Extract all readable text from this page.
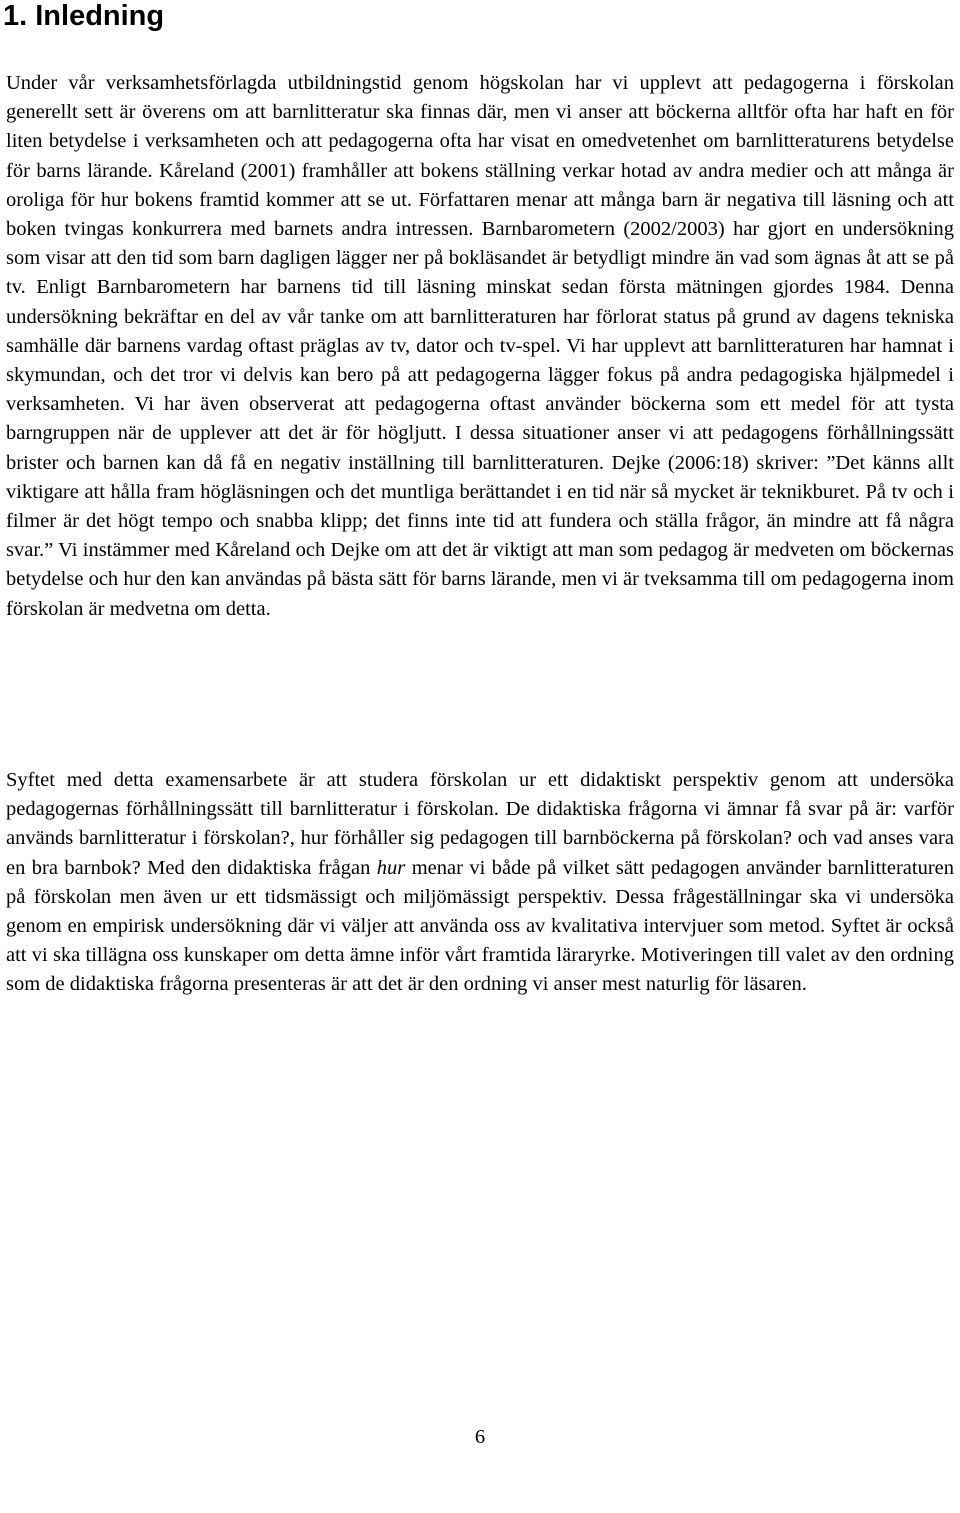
1. Inledning

Under vår verksamhetsförlagda utbildningstid genom högskolan har vi upplevt att pedagogerna i förskolan generellt sett är överens om att barnlitteratur ska finnas där, men vi anser att böckerna alltför ofta har haft en för liten betydelse i verksamheten och att pedagogerna ofta har visat en omedvetenhet om barnlitteraturens betydelse för barns lärande. Kåreland (2001) framhåller att bokens ställning verkar hotad av andra medier och att många är oroliga för hur bokens framtid kommer att se ut. Författaren menar att många barn är negativa till läsning och att boken tvingas konkurrera med barnets andra intressen. Barnbarometern (2002/2003) har gjort en undersökning som visar att den tid som barn dagligen lägger ner på bokläsandet är betydligt mindre än vad som ägnas åt att se på tv. Enligt Barnbarometern har barnens tid till läsning minskat sedan första mätningen gjordes 1984. Denna undersökning bekräftar en del av vår tanke om att barnlitteraturen har förlorat status på grund av dagens tekniska samhälle där barnens vardag oftast präglas av tv, dator och tv-spel. Vi har upplevt att barnlitteraturen har hamnat i skymundan, och det tror vi delvis kan bero på att pedagogerna lägger fokus på andra pedagogiska hjälpmedel i verksamheten. Vi har även observerat att pedagogerna oftast använder böckerna som ett medel för att tysta barngruppen när de upplever att det är för högljutt. I dessa situationer anser vi att pedagogens förhållningssätt brister och barnen kan då få en negativ inställning till barnlitteraturen. Dejke (2006:18) skriver: ”Det känns allt viktigare att hålla fram högläsningen och det muntliga berättandet i en tid när så mycket är teknikburet. På tv och i filmer är det högt tempo och snabba klipp; det finns inte tid att fundera och ställa frågor, än mindre att få några svar.” Vi instämmer med Kåreland och Dejke om att det är viktigt att man som pedagog är medveten om böckernas betydelse och hur den kan användas på bästa sätt för barns lärande, men vi är tveksamma till om pedagogerna inom förskolan är medvetna om detta.

Syftet med detta examensarbete är att studera förskolan ur ett didaktiskt perspektiv genom att undersöka pedagogernas förhållningssätt till barnlitteratur i förskolan. De didaktiska frågorna vi ämnar få svar på är: varför används barnlitteratur i förskolan?, hur förhåller sig pedagogen till barnböckerna på förskolan? och vad anses vara en bra barnbok? Med den didaktiska frågan hur menar vi både på vilket sätt pedagogen använder barnlitteraturen på förskolan men även ur ett tidsmässigt och miljömässigt perspektiv. Dessa frågeställningar ska vi undersöka genom en empirisk undersökning där vi väljer att använda oss av kvalitativa intervjuer som metod. Syftet är också att vi ska tillägna oss kunskaper om detta ämne inför vårt framtida läraryrke. Motiveringen till valet av den ordning som de didaktiska frågorna presenteras är att det är den ordning vi anser mest naturlig för läsaren.

6
